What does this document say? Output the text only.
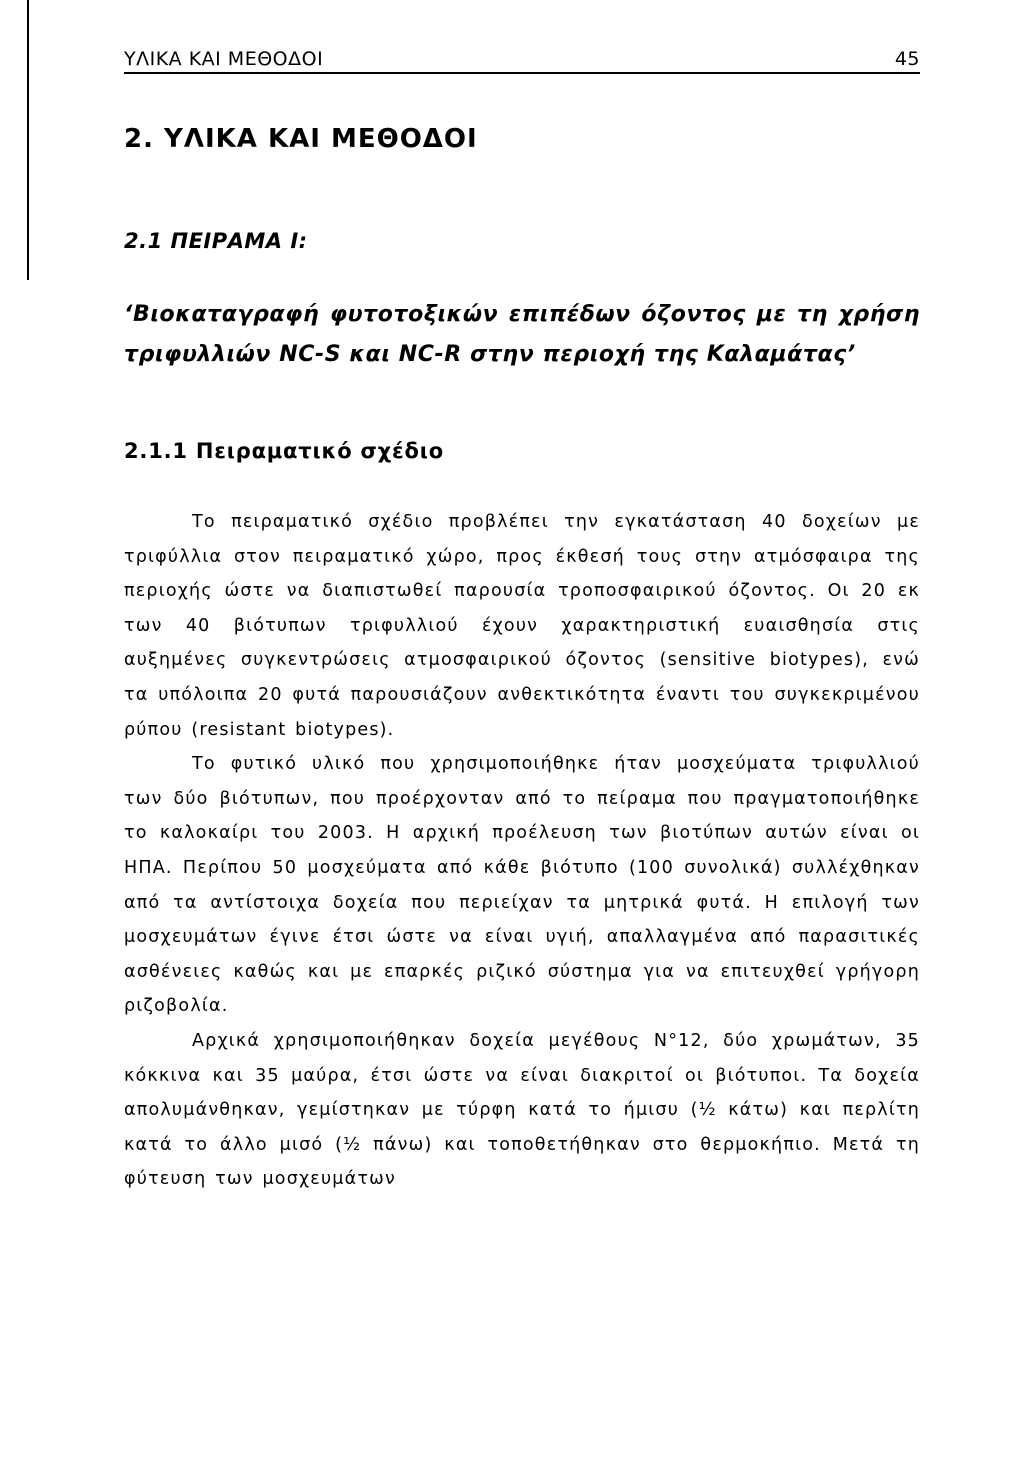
ΥΛΙΚΑ ΚΑΙ ΜΕΘΟΔΟΙ	45
2. ΥΛΙΚΑ ΚΑΙ ΜΕΘΟΔΟΙ
2.1 ΠΕΙΡΑΜΑ Ι:
‘Βιοκαταγραφή φυτοτοξικών επιπέδων όζοντος με τη χρήση τριφυλλιών NC-S και NC-R στην περιοχή της Καλαμάτας’
2.1.1 Πειραματικό σχέδιο

Το πειραματικό σχέδιο προβλέπει την εγκατάσταση 40 δοχείων με τριφύλλια στον πειραματικό χώρο, προς έκθεσή τους στην ατμόσφαιρα της περιοχής ώστε να διαπιστωθεί παρουσία τροποσφαιρικού όζοντος. Οι 20 εκ των 40 βιότυπων τριφυλλιού έχουν χαρακτηριστική ευαισθησία στις αυξημένες συγκεντρώσεις ατμοσφαιρικού όζοντος (sensitive biotypes), ενώ τα υπόλοιπα 20 φυτά παρουσιάζουν ανθεκτικότητα έναντι του συγκεκριμένου ρύπου (resistant biotypes).

Το φυτικό υλικό που χρησιμοποιήθηκε ήταν μοσχεύματα τριφυλλιού των δύο βιότυπων, που προέρχονταν από το πείραμα που πραγματοποιήθηκε το καλοκαίρι του 2003. Η αρχική προέλευση των βιοτύπων αυτών είναι οι ΗΠΑ. Περίπου 50 μοσχεύματα από κάθε βιότυπο (100 συνολικά) συλλέχθηκαν από τα αντίστοιχα δοχεία που περιείχαν τα μητρικά φυτά. Η επιλογή των μοσχευμάτων έγινε έτσι ώστε να είναι υγιή, απαλλαγμένα από παρασιτικές ασθένειες καθώς και με επαρκές ριζικό σύστημα για να επιτευχθεί γρήγορη ριζοβολία.

Αρχικά χρησιμοποιήθηκαν δοχεία μεγέθους N°12, δύο χρωμάτων, 35 κόκκινα και 35 μαύρα, έτσι ώστε να είναι διακριτοί οι βιότυποι. Τα δοχεία απολυμάνθηκαν, γεμίστηκαν με τύρφη κατά το ήμισυ (½ κάτω) και περλίτη κατά το άλλο μισό (½ πάνω) και τοποθετήθηκαν στο θερμοκήπιο. Μετά τη φύτευση των μοσχευμάτων
